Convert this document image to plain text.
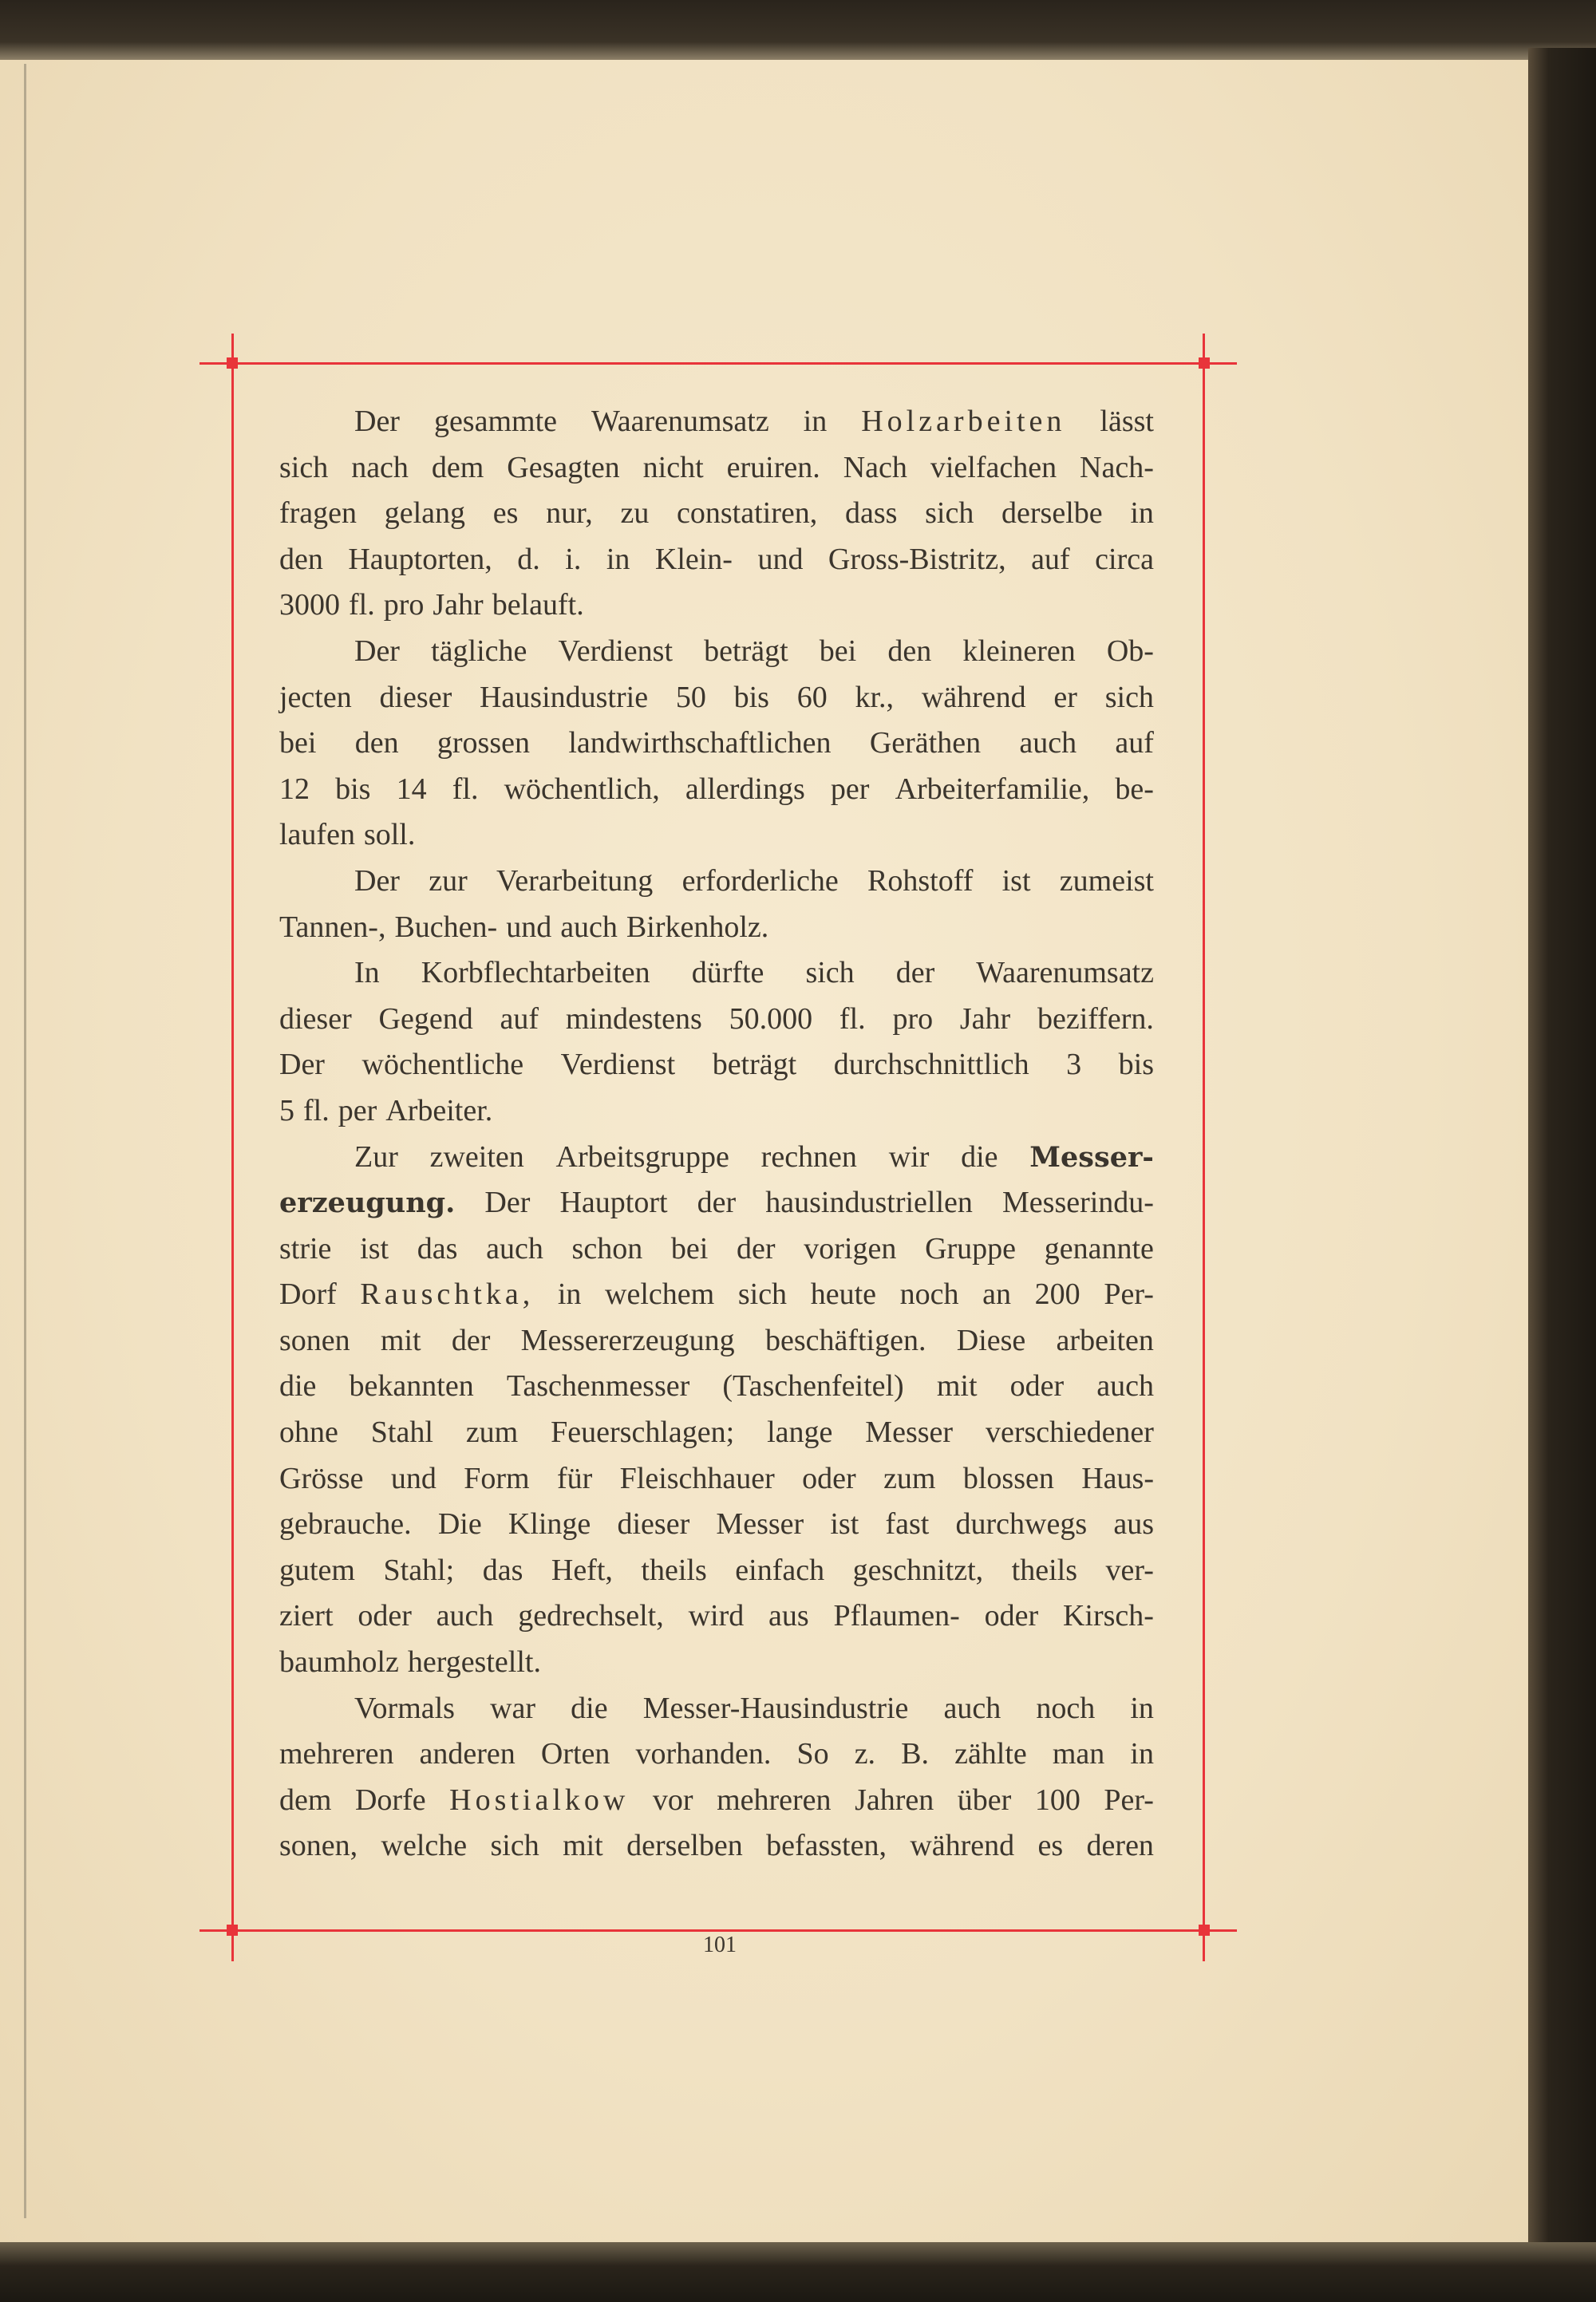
Der gesammte Waarenumsatz in Holzarbeiten lässt
sich nach dem Gesagten nicht eruiren. Nach vielfachen Nach-
fragen gelang es nur, zu constatiren, dass sich derselbe in
den Hauptorten, d. i. in Klein- und Gross-Bistritz, auf circa
3000 fl. pro Jahr belauft.
Der tägliche Verdienst beträgt bei den kleineren Ob-
jecten dieser Hausindustrie 50 bis 60 kr., während er sich
bei den grossen landwirthschaftlichen Geräthen auch auf
12 bis 14 fl. wöchentlich, allerdings per Arbeiterfamilie, be-
laufen soll.
Der zur Verarbeitung erforderliche Rohstoff ist zumeist
Tannen-, Buchen- und auch Birkenholz.
In Korbflechtarbeiten dürfte sich der Waarenumsatz
dieser Gegend auf mindestens 50.000 fl. pro Jahr beziffern.
Der wöchentliche Verdienst beträgt durchschnittlich 3 bis
5 fl. per Arbeiter.
Zur zweiten Arbeitsgruppe rechnen wir die Messer-
erzeugung. Der Hauptort der hausindustriellen Messerindu-
strie ist das auch schon bei der vorigen Gruppe genannte
Dorf Rauschtka, in welchem sich heute noch an 200 Per-
sonen mit der Messererzeugung beschäftigen. Diese arbeiten
die bekannten Taschenmesser (Taschenfeitel) mit oder auch
ohne Stahl zum Feuerschlagen; lange Messer verschiedener
Grösse und Form für Fleischhauer oder zum blossen Haus-
gebrauche. Die Klinge dieser Messer ist fast durchwegs aus
gutem Stahl; das Heft, theils einfach geschnitzt, theils ver-
ziert oder auch gedrechselt, wird aus Pflaumen- oder Kirsch-
baumholz hergestellt.
Vormals war die Messer-Hausindustrie auch noch in
mehreren anderen Orten vorhanden. So z. B. zählte man in
dem Dorfe Hostialkow vor mehreren Jahren über 100 Per-
sonen, welche sich mit derselben befassten, während es deren
101
